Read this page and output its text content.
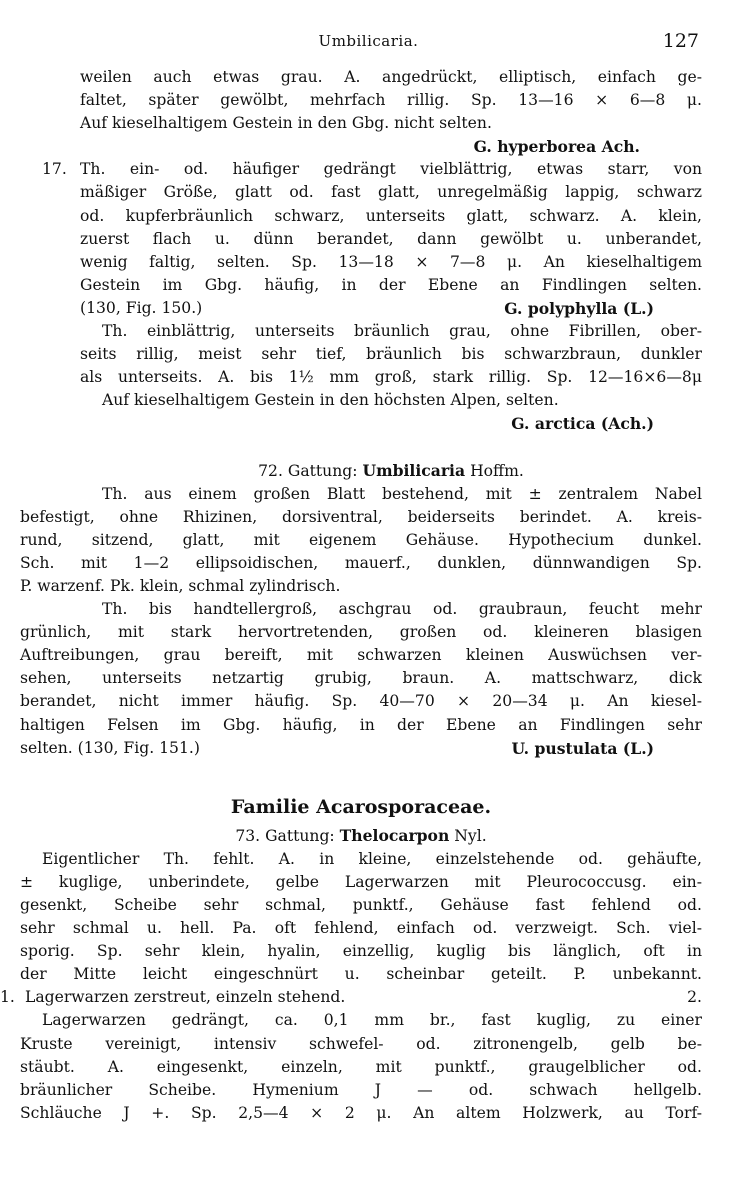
Umbilicaria.	127

weilen auch etwas grau. A. angedrückt, elliptisch, einfach ge-

faltet, später gewölbt, mehrfach rillig. Sp. 13—16 × 6—8 μ.

Auf kieselhaltigem Gestein in den Gbg. nicht selten.

G. hyperborea Ach.

17. Th. ein- od. häufiger gedrängt vielblättrig, etwas starr, von

mäßiger Größe, glatt od. fast glatt, unregelmäßig lappig, schwarz

od. kupferbräunlich schwarz, unterseits glatt, schwarz. A. klein,

zuerst flach u. dünn berandet, dann gewölbt u. unberandet,

wenig faltig, selten. Sp. 13—18 × 7—8 μ. An kieselhaltigem

Gestein im Gbg. häufig, in der Ebene an Findlingen selten.

(130, Fig. 150.)	G. polyphylla (L.)

Th. einblättrig, unterseits bräunlich grau, ohne Fibrillen, ober-

seits rillig, meist sehr tief, bräunlich bis schwarzbraun, dunkler

als unterseits. A. bis 1½ mm groß, stark rillig. Sp. 12—16×6—8μ

Auf kieselhaltigem Gestein in den höchsten Alpen, selten.

G. arctica (Ach.)

72. Gattung: Umbilicaria Hoffm.

Th. aus einem großen Blatt bestehend, mit ± zentralem Nabel

befestigt, ohne Rhizinen, dorsiventral, beiderseits berindet. A. kreis-

rund, sitzend, glatt, mit eigenem Gehäuse. Hypothecium dunkel.

Sch. mit 1—2 ellipsoidischen, mauerf., dunklen, dünnwandigen Sp.

P. warzenf. Pk. klein, schmal zylindrisch.

Th. bis handtellergroß, aschgrau od. graubraun, feucht mehr

grünlich, mit stark hervortretenden, großen od. kleineren blasigen

Auftreibungen, grau bereift, mit schwarzen kleinen Auswüchsen ver-

sehen, unterseits netzartig grubig, braun. A. mattschwarz, dick

berandet, nicht immer häufig. Sp. 40—70 × 20—34 μ. An kiesel-

haltigen Felsen im Gbg. häufig, in der Ebene an Findlingen sehr

selten. (130, Fig. 151.)	U. pustulata (L.)
Familie Acarosporaceae.

73. Gattung: Thelocarpon Nyl.

Eigentlicher Th. fehlt. A. in kleine, einzelstehende od. gehäufte,

± kuglige, unberindete, gelbe Lagerwarzen mit Pleurococcusg. ein-

gesenkt, Scheibe sehr schmal, punktf., Gehäuse fast fehlend od.

sehr schmal u. hell. Pa. oft fehlend, einfach od. verzweigt. Sch. viel-

sporig. Sp. sehr klein, hyalin, einzellig, kuglig bis länglich, oft in

der Mitte leicht eingeschnürt u. scheinbar geteilt. P. unbekannt.

1. Lagerwarzen zerstreut, einzeln stehend.	2.

Lagerwarzen gedrängt, ca. 0,1 mm br., fast kuglig, zu einer

Kruste vereinigt, intensiv schwefel- od. zitronengelb, gelb be-

stäubt. A. eingesenkt, einzeln, mit punktf., graugelblicher od.

bräunlicher Scheibe. Hymenium J — od. schwach hellgelb.

Schläuche J +. Sp. 2,5—4 × 2 μ. An altem Holzwerk, au Torf-
